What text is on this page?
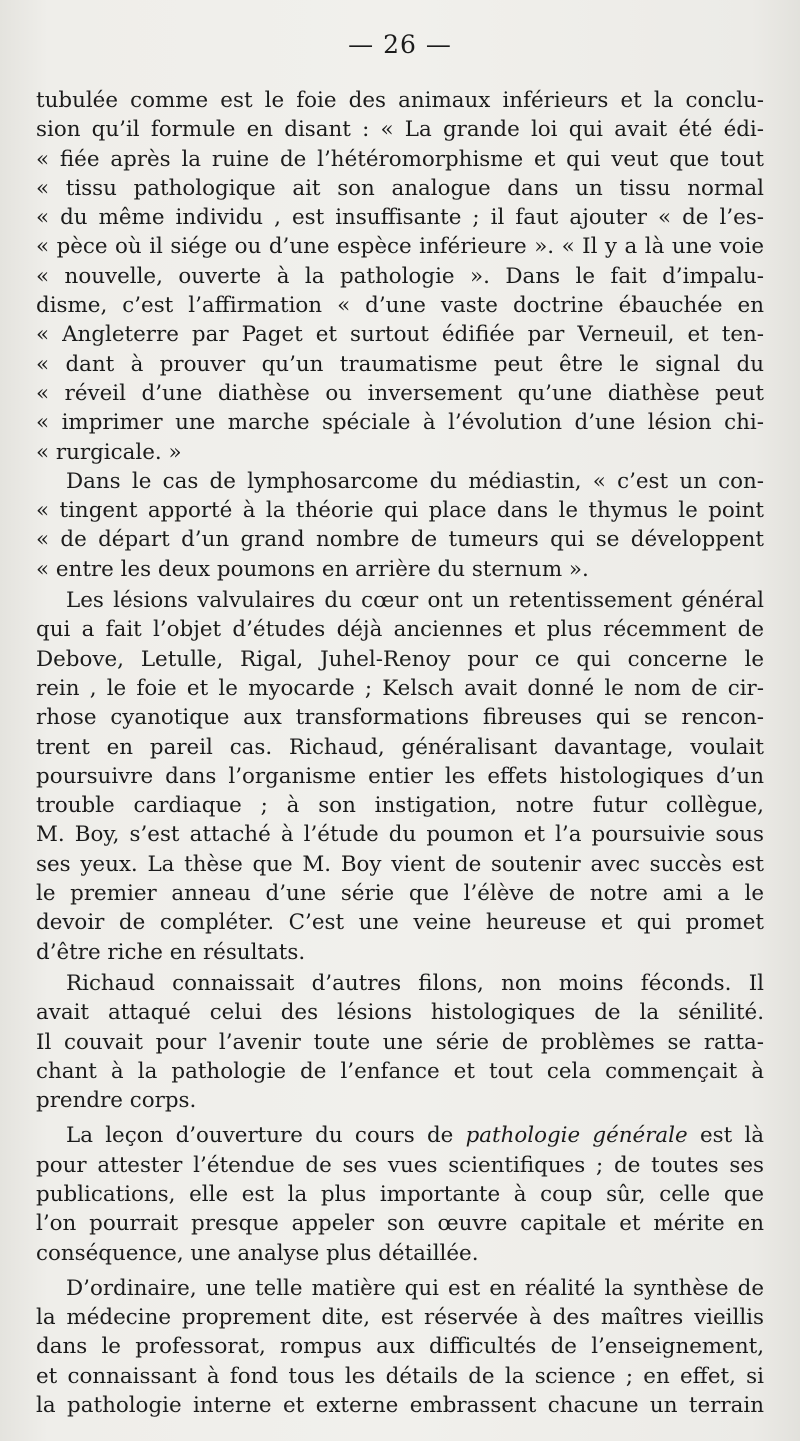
— 26 —
tubulée comme est le foie des animaux inférieurs et la conclu-
sion qu’il formule en disant : « La grande loi qui avait été édi-
« fiée après la ruine de l’hétéromorphisme et qui veut que tout
« tissu pathologique ait son analogue dans un tissu normal
« du même individu , est insuffisante ; il faut ajouter « de l’es-
« pèce où il siége ou d’une espèce inférieure ». « Il y a là une voie
« nouvelle, ouverte à la pathologie ». Dans le fait d’impalu-
disme, c’est l’affirmation « d’une vaste doctrine ébauchée en
« Angleterre par Paget et surtout édifiée par Verneuil, et ten-
« dant à prouver qu’un traumatisme peut être le signal du
« réveil d’une diathèse ou inversement qu’une diathèse peut
« imprimer une marche spéciale à l’évolution d’une lésion chi-
« rurgicale. »
Dans le cas de lymphosarcome du médiastin, « c’est un con-
« tingent apporté à la théorie qui place dans le thymus le point
« de départ d’un grand nombre de tumeurs qui se développent
« entre les deux poumons en arrière du sternum ».
Les lésions valvulaires du cœur ont un retentissement général
qui a fait l’objet d’études déjà anciennes et plus récemment de
Debove, Letulle, Rigal, Juhel-Renoy pour ce qui concerne le
rein , le foie et le myocarde ; Kelsch avait donné le nom de cir-
rhose cyanotique aux transformations fibreuses qui se rencon-
trent en pareil cas. Richaud, généralisant davantage, voulait
poursuivre dans l’organisme entier les effets histologiques d’un
trouble cardiaque ; à son instigation, notre futur collègue,
M. Boy, s’est attaché à l’étude du poumon et l’a poursuivie sous
ses yeux. La thèse que M. Boy vient de soutenir avec succès est
le premier anneau d’une série que l’élève de notre ami a le
devoir de compléter. C’est une veine heureuse et qui promet
d’être riche en résultats.
Richaud connaissait d’autres filons, non moins féconds. Il
avait attaqué celui des lésions histologiques de la sénilité.
Il couvait pour l’avenir toute une série de problèmes se ratta-
chant à la pathologie de l’enfance et tout cela commençait à
prendre corps.
La leçon d’ouverture du cours de pathologie générale est là
pour attester l’étendue de ses vues scientifiques ; de toutes ses
publications, elle est la plus importante à coup sûr, celle que
l’on pourrait presque appeler son œuvre capitale et mérite en
conséquence, une analyse plus détaillée.
D’ordinaire, une telle matière qui est en réalité la synthèse de
la médecine proprement dite, est réservée à des maîtres vieillis
dans le professorat, rompus aux difficultés de l’enseignement,
et connaissant à fond tous les détails de la science ; en effet, si
la pathologie interne et externe embrassent chacune un terrain
